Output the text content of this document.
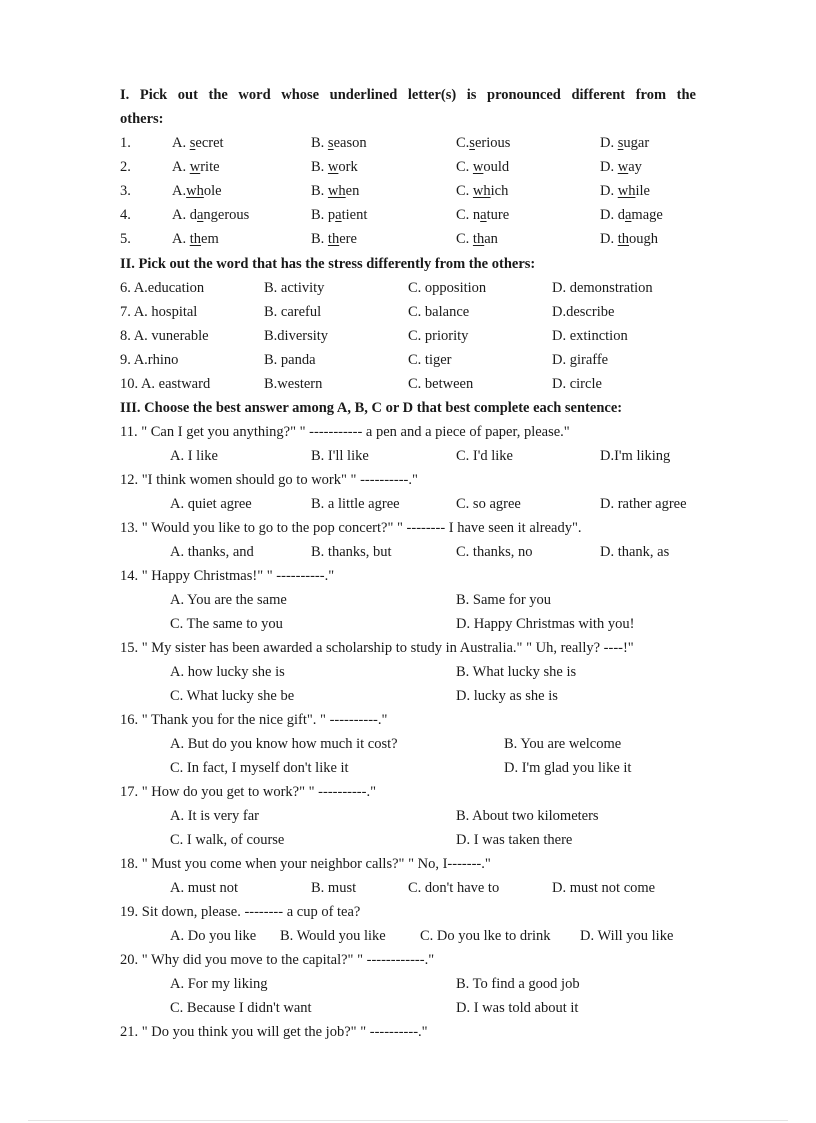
I. Pick out the word whose underlined letter(s) is pronounced different from the
others:
1.	A. secret	B. season	C.serious	D. sugar
2.	A. write	B. work	C. would	D. way
3.	A.whole	B. when	C. which	D. while
4.	A. dangerous	B. patient	C. nature	D. damage
5.	A. them	B. there	C. than	D. though
II. Pick out the word that has the stress differently from the others:
6. A.education	B. activity	C. opposition	D. demonstration
7. A. hospital	B. careful	C. balance	D.describe
8. A. vunerable	B.diversity	C. priority	D. extinction
9. A.rhino	B. panda	C. tiger	D. giraffe
10. A. eastward	B.western	C. between	D. circle
III. Choose the best answer among A, B, C or D that best complete each sentence:
11. " Can I get you anything?" " ----------- a pen and a piece of paper, please."
A. I like	B. I'll like	C. I'd like	D.I'm liking
12. "I think women should go to work" " ----------."
A. quiet agree	B. a little agree	C. so agree	D. rather agree
13. " Would you like to go to the pop concert?" " -------- I have seen it already".
A. thanks, and	B. thanks, but	C. thanks, no	D. thank, as
14. " Happy Christmas!" " ----------."
A. You are the same	B. Same for you
C. The same to you	D. Happy Christmas with you!
15. " My sister has been awarded a scholarship to study in Australia." " Uh, really? ----!"
A. how lucky she is	B. What lucky she is
C. What lucky she be	D. lucky as she is
16. " Thank you for the nice gift". " ----------."
A. But do you know how much it cost?	B. You are welcome
C. In fact, I myself don't like it	D. I'm glad you like it
17. " How do you get to work?" " ----------."
A. It is very far	B. About two kilometers
C. I walk, of course	D. I was taken there
18. " Must you come when your neighbor calls?" " No, I-------."
A. must not	B. must	C. don't have to	D. must not come
19. Sit down, please. -------- a cup of tea?
A. Do you like B. Would you like C. Do you lke to drink D. Will you like
20. " Why did you move to the capital?" " ------------."
A. For my liking	B. To find a good job
C. Because I didn't want	D. I was told about it
21. " Do you think you will get the job?" " ----------."
